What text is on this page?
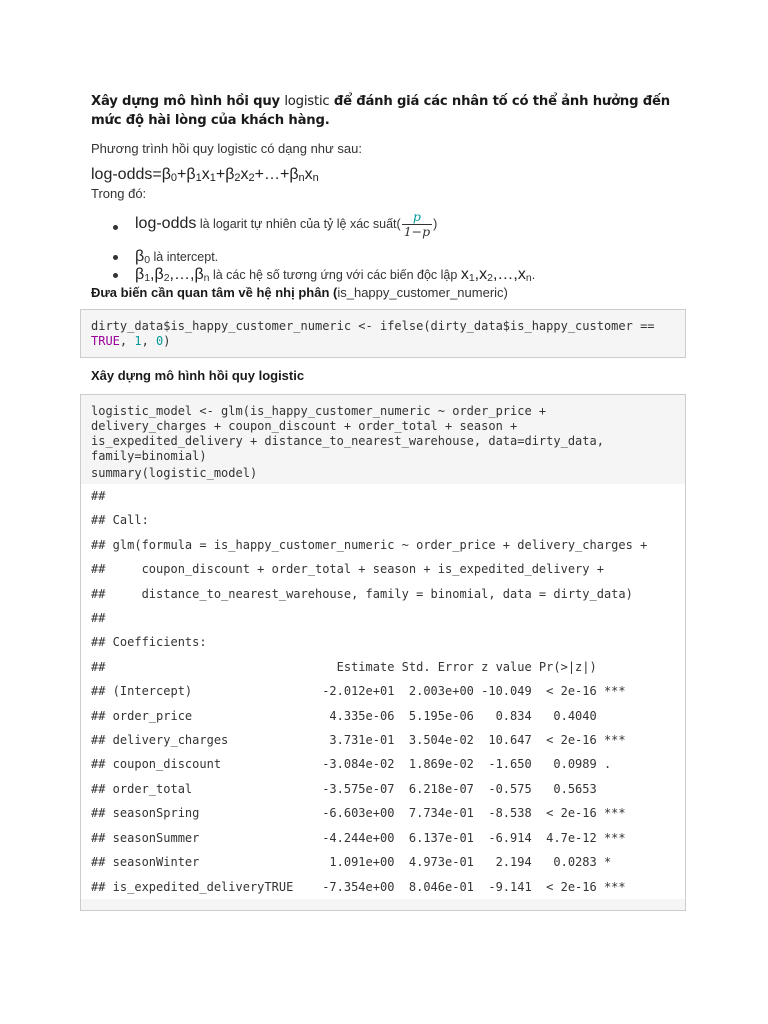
Xây dựng mô hình hồi quy logistic để đánh giá các nhân tố có thể ảnh hưởng đến mức độ hài lòng của khách hàng.
Phương trình hồi quy logistic có dạng như sau:
$\log-odds=\beta_0+\beta_1x_1+\beta_2x_2+\dots+\beta_nx_n$
Trong đó:
log-odds là logarit tự nhiên của tỷ lệ xác suất( $\frac{p}{1-p}$ )
$\beta_0$ là intercept.
$\beta_1,\beta_2,\dots,\beta_n$ là các hệ số tương ứng với các biến độc lập $x_1,x_2,\dots,x_n$.
Đưa biến cần quan tâm về hệ nhị phân (is_happy_customer_numeric)
dirty_data$is_happy_customer_numeric <- ifelse(dirty_data$is_happy_customer ==
TRUE, 1, 0)
Xây dựng mô hình hồi quy logistic
logistic_model <- glm(is_happy_customer_numeric ~ order_price +
delivery_charges + coupon_discount + order_total + season +
is_expedited_delivery + distance_to_nearest_warehouse, data=dirty_data,
family=binomial)
summary(logistic_model)
##
## Call:
## glm(formula = is_happy_customer_numeric ~ order_price + delivery_charges +
##     coupon_discount + order_total + season + is_expedited_delivery +
##     distance_to_nearest_warehouse, family = binomial, data = dirty_data)
##
## Coefficients:
##                                Estimate Std. Error z value Pr(>|z|)
## (Intercept)                  -2.012e+01  2.003e+00 -10.049  < 2e-16 ***
## order_price                   4.335e-06  5.195e-06   0.834   0.4040
## delivery_charges              3.731e-01  3.504e-02  10.647  < 2e-16 ***
## coupon_discount              -3.084e-02  1.869e-02  -1.650   0.0989 .
## order_total                  -3.575e-07  6.218e-07  -0.575   0.5653
## seasonSpring                 -6.603e+00  7.734e-01  -8.538  < 2e-16 ***
## seasonSummer                 -4.244e+00  6.137e-01  -6.914  4.7e-12 ***
## seasonWinter                  1.091e+00  4.973e-01   2.194   0.0283 *
## is_expedited_deliveryTRUE    -7.354e+00  8.046e-01  -9.141  < 2e-16 ***
